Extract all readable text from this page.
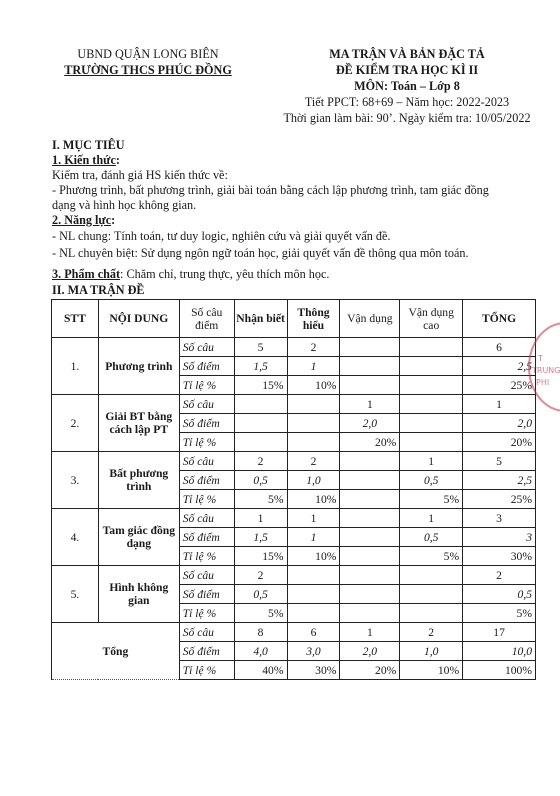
UBND QUẬN LONG BIÊN
TRƯỜNG THCS PHÚC ĐỒNG
MA TRẬN VÀ BẢN ĐẶC TẢ
ĐỀ KIỂM TRA HỌC KÌ II
MÔN: Toán – Lớp 8
Tiết PPCT: 68+69 – Năm học: 2022-2023
Thời gian làm bài: 90’. Ngày kiểm tra: 10/05/2022
I. MỤC TIÊU
1. Kiến thức:
Kiểm tra, đánh giá HS kiến thức về:
- Phương trình, bất phương trình, giải bài toán bằng cách lập phương trình, tam giác đồng
dạng và hình học không gian.
2. Năng lực:
- NL chung: Tính toán, tư duy logic, nghiên cứu và giải quyết vấn đề.
- NL chuyên biệt: Sử dụng ngôn ngữ toán học, giải quyết vấn đề thông qua môn toán.
3. Phẩm chất: Chăm chỉ, trung thực, yêu thích môn học.
II. MA TRẬN ĐỀ
STT	NỘI DUNG	Số câu điểm	Nhận biết	Thông hiểu	Vận dụng	Vận dụng cao	TỔNG
1.	Phương trình	Số câu	5	2			6
		Số điểm	1,5	1			2,5
		Tỉ lệ %	15%	10%			25%
2.	Giải BT bằng cách lập PT	Số câu			1		1
		Số điểm			2,0		2,0
		Tỉ lệ %			20%		20%
3.	Bất phương trình	Số câu	2	2		1	5
		Số điểm	0,5	1,0		0,5	2,5
		Tỉ lệ %	5%	10%		5%	25%
4.	Tam giác đồng dạng	Số câu	1	1		1	3
		Số điểm	1,5	1		0,5	3
		Tỉ lệ %	15%	10%		5%	30%
5.	Hình không gian	Số câu	2				2
		Số điểm	0,5				0,5
		Tỉ lệ %	5%				5%
Tổng		Số câu	8	6	1	2	17
		Số điểm	4,0	3,0	2,0	1,0	10,0
		Tỉ lệ %	40%	30%	20%	10%	100%
T
TRUNG
PHI
